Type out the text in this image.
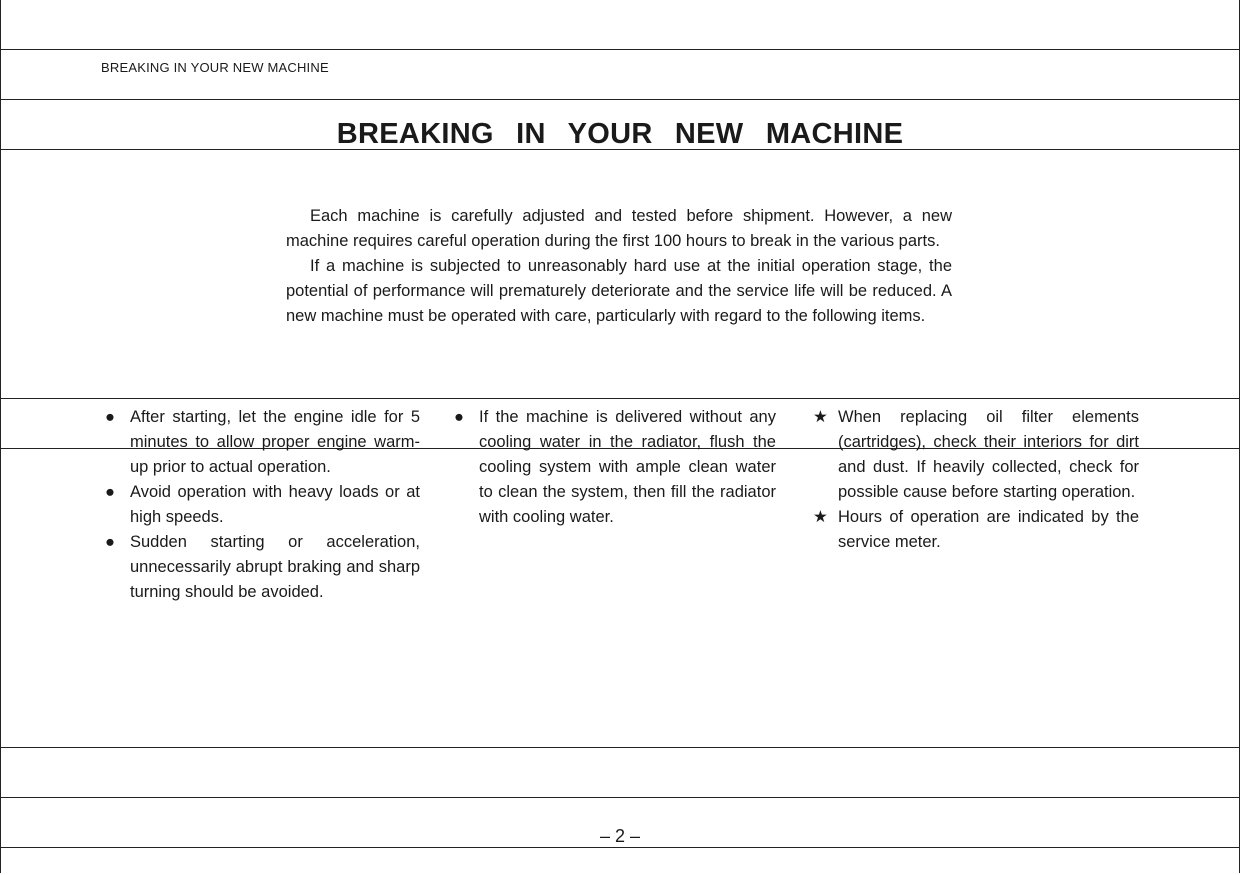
BREAKING IN YOUR NEW MACHINE
BREAKING IN YOUR NEW MACHINE

Each machine is carefully adjusted and tested before shipment. However, a new machine requires careful operation during the first 100 hours to break in the various parts.

If a machine is subjected to unreasonably hard use at the initial operation stage, the potential of performance will prematurely deteriorate and the service life will be reduced. A new machine must be operated with care, particularly with regard to the following items.

● After starting, let the engine idle for 5 minutes to allow proper engine warm-up prior to actual operation.
● Avoid operation with heavy loads or at high speeds.
● Sudden starting or acceleration, unnecessarily abrupt braking and sharp turning should be avoided.
● If the machine is delivered without any cooling water in the radiator, flush the cooling system with ample clean water to clean the system, then fill the radiator with cooling water.
★ When replacing oil filter elements (cartridges), check their interiors for dirt and dust. If heavily collected, check for possible cause before starting operation.
★ Hours of operation are indicated by the service meter.
– 2 –
